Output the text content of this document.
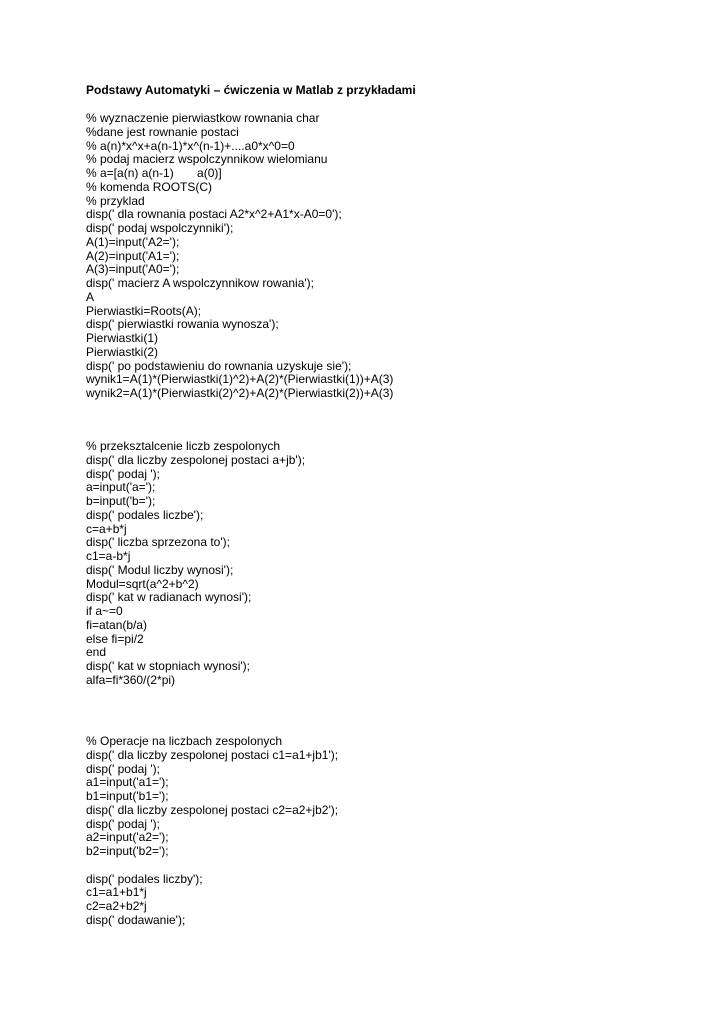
Podstawy Automatyki – ćwiczenia w Matlab z przykładami
% wyznaczenie pierwiastkow rownania char
%dane jest rownanie postaci
% a(n)*x^x+a(n-1)*x^(n-1)+....a0*x^0=0
% podaj macierz wspolczynnikow wielomianu
% a=[a(n) a(n-1)       a(0)]
% komenda ROOTS(C)
% przyklad
disp(' dla rownania postaci A2*x^2+A1*x-A0=0');
disp(' podaj wspolczynniki');
A(1)=input('A2=');
A(2)=input('A1=');
A(3)=input('A0=');
disp(' macierz A wspolczynnikow rowania');
A
Pierwiastki=Roots(A);
disp(' pierwiastki rowania wynosza');
Pierwiastki(1)
Pierwiastki(2)
disp(' po podstawieniu do rownania uzyskuje sie');
wynik1=A(1)*(Pierwiastki(1)^2)+A(2)*(Pierwiastki(1))+A(3)
wynik2=A(1)*(Pierwiastki(2)^2)+A(2)*(Pierwiastki(2))+A(3)
% przeksztalcenie liczb zespolonych
disp(' dla liczby zespolonej postaci a+jb');
disp(' podaj ');
a=input('a=');
b=input('b=');
disp(' podales liczbe');
c=a+b*j
disp(' liczba sprzezona to');
c1=a-b*j
disp(' Modul liczby wynosi');
Modul=sqrt(a^2+b^2)
disp(' kat w radianach wynosi');
if a~=0
fi=atan(b/a)
else fi=pi/2
end
disp(' kat w stopniach wynosi');
alfa=fi*360/(2*pi)
% Operacje na liczbach zespolonych
disp(' dla liczby zespolonej postaci c1=a1+jb1');
disp(' podaj ');
a1=input('a1=');
b1=input('b1=');
disp(' dla liczby zespolonej postaci c2=a2+jb2');
disp(' podaj ');
a2=input('a2=');
b2=input('b2=');
disp(' podales liczby');
c1=a1+b1*j
c2=a2+b2*j
disp(' dodawanie');
